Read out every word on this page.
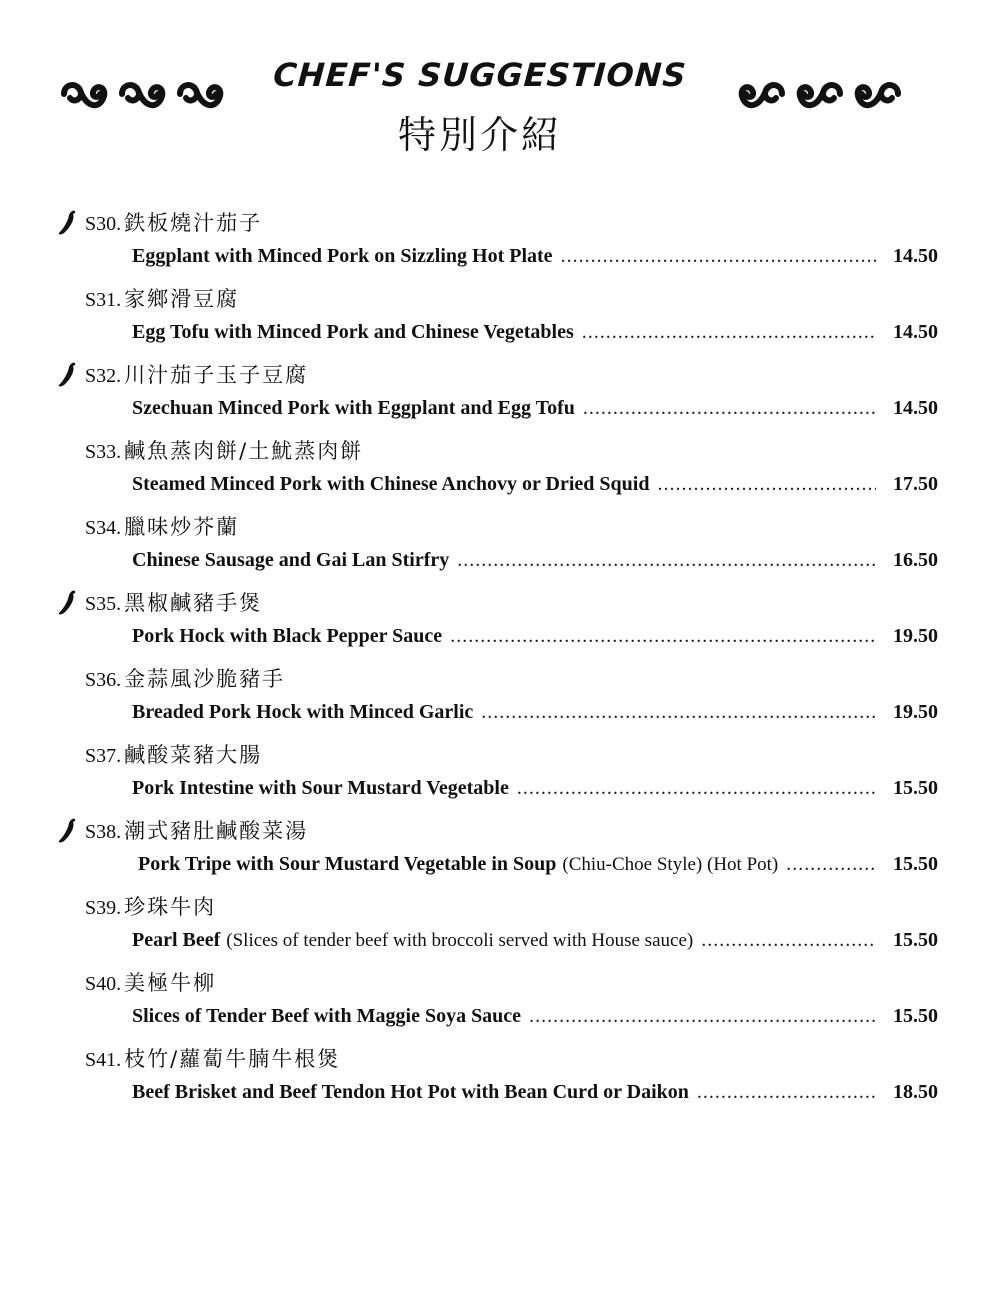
CHEF'S SUGGESTIONS
特別介紹
S30. 鉄板燒汁茄子
Eggplant with Minced Pork on Sizzling Hot Plate .....	14.50
S31. 家鄉滑豆腐
Egg Tofu with Minced Pork and Chinese Vegetables .....	14.50
S32. 川汁茄子玉子豆腐
Szechuan Minced Pork with Eggplant and Egg Tofu .....	14.50
S33. 鹹魚蒸肉餅/土魷蒸肉餅
Steamed Minced Pork with Chinese Anchovy or Dried Squid .....	17.50
S34. 臘味炒芥蘭
Chinese Sausage and Gai Lan Stirfry .....	16.50
S35. 黑椒鹹豬手煲
Pork Hock with Black Pepper Sauce .....	19.50
S36. 金蒜風沙脆豬手
Breaded Pork Hock with Minced Garlic .....	19.50
S37. 鹹酸菜豬大腸
Pork Intestine with Sour Mustard Vegetable .....	15.50
S38. 潮式豬肚鹹酸菜湯
Pork Tripe with Sour Mustard Vegetable in Soup (Chiu-Choe Style) (Hot Pot) .....	15.50
S39. 珍珠牛肉
Pearl Beef (Slices of tender beef with broccoli served with House sauce) .....	15.50
S40. 美極牛柳
Slices of Tender Beef with Maggie Soya Sauce .....	15.50
S41. 枝竹/蘿蔔牛腩牛根煲
Beef Brisket and Beef Tendon Hot Pot with Bean Curd or Daikon .....	18.50
